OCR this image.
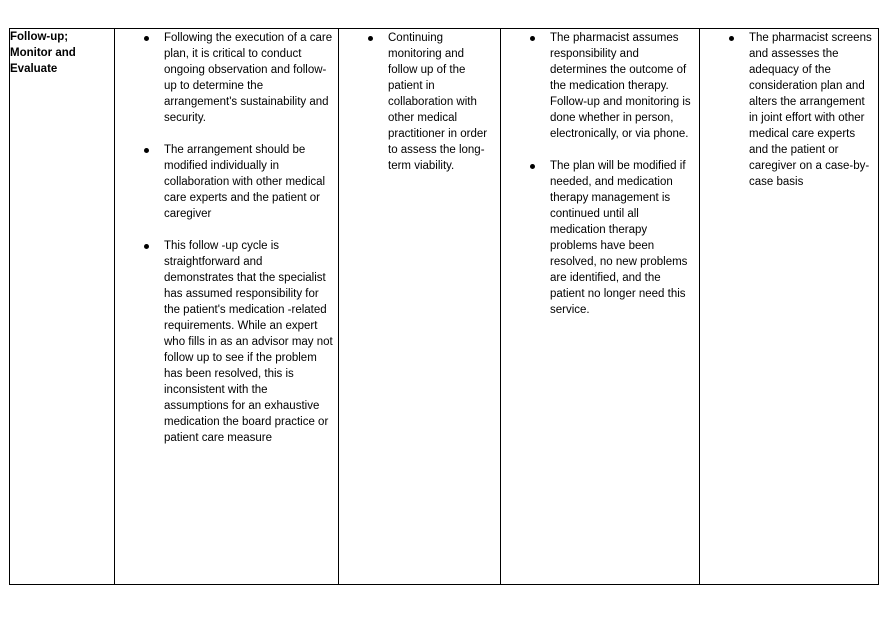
Follow-up;
Monitor and
Evaluate

Following the execution of a care plan, it is critical to conduct ongoing observation and follow-up to determine the arrangement's sustainability and security.
The arrangement should be modified individually in collaboration with other medical care experts and the patient or caregiver
This follow -up cycle is straightforward and demonstrates that the specialist has assumed responsibility for the patient's medication -related requirements. While an expert who fills in as an advisor may not follow up to see if the problem has been resolved, this is inconsistent with the assumptions for an exhaustive medication the board practice or patient care measure

Continuing monitoring and follow up of the patient in collaboration with other medical practitioner in order to assess the long-term viability.

The pharmacist assumes responsibility and determines the outcome of the medication therapy. Follow-up and monitoring is done whether in person, electronically, or via phone.
The plan will be modified if needed, and medication therapy management is continued until all medication therapy problems have been resolved, no new problems are identified, and the patient no longer need this service.

The pharmacist screens and assesses the adequacy of the consideration plan and alters the arrangement in joint effort with other medical care experts and the patient or caregiver on a case-by-case basis
